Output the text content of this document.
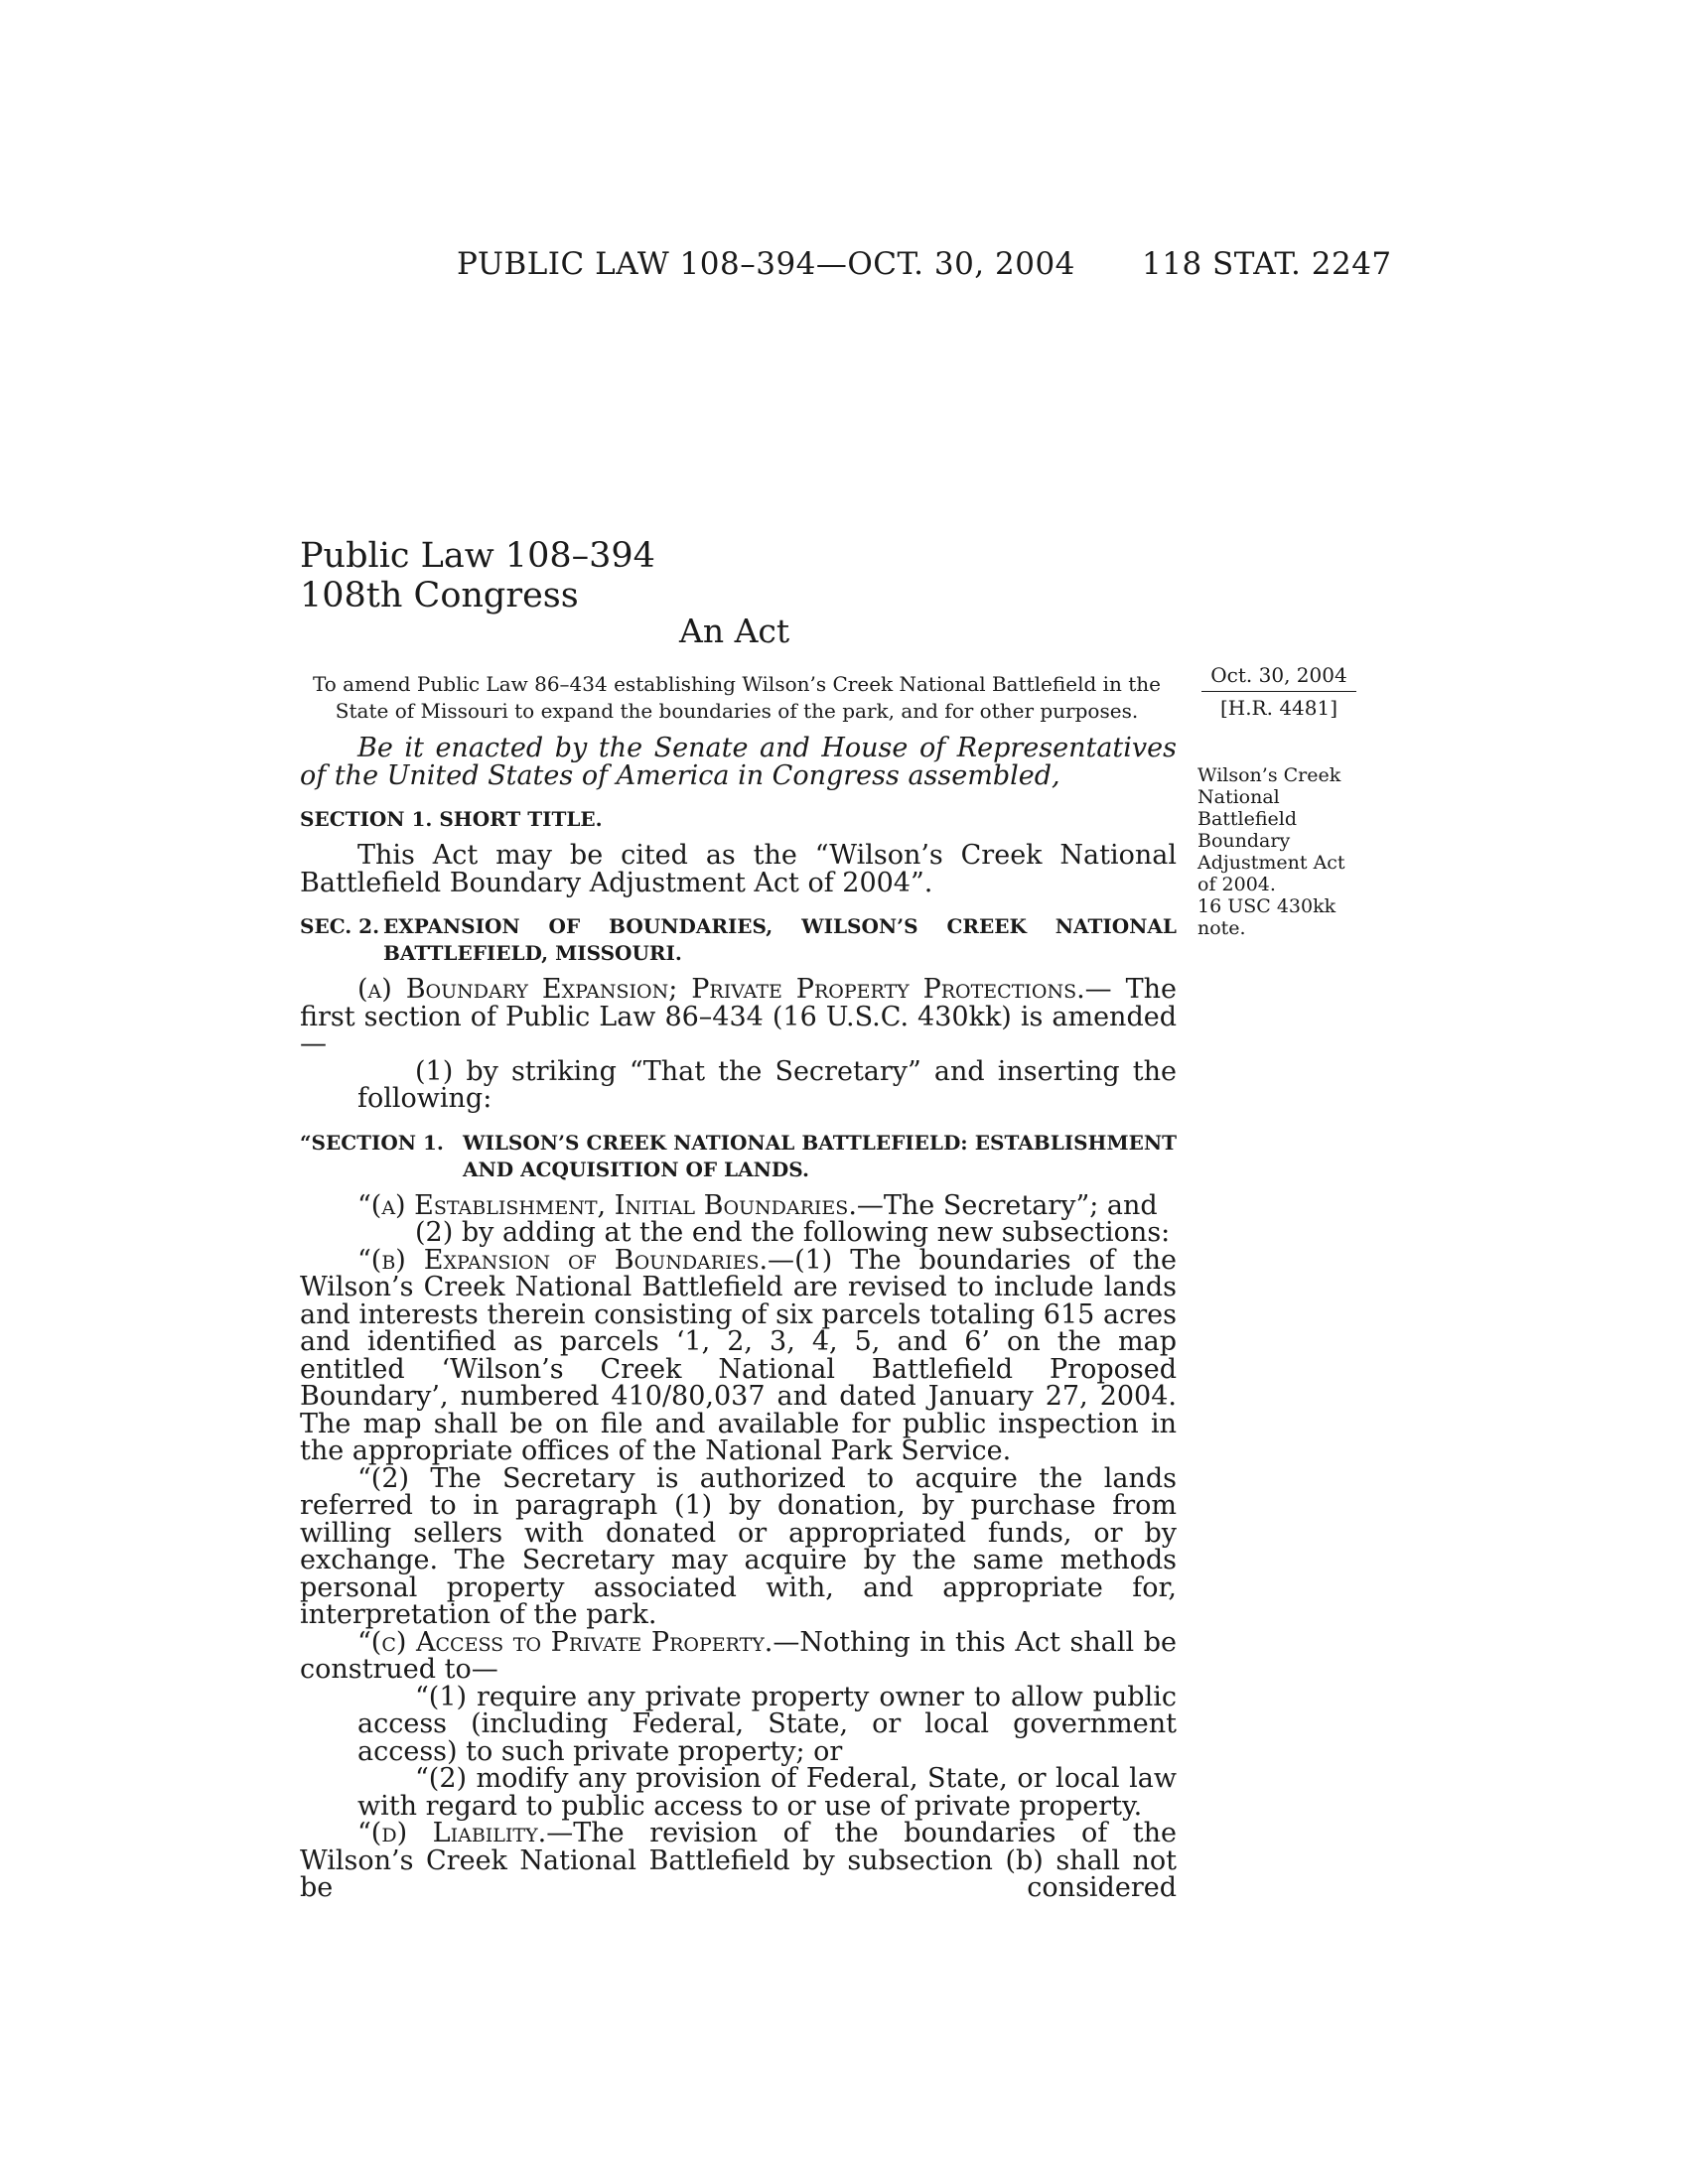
PUBLIC LAW 108–394—OCT. 30, 2004 118 STAT. 2247
Public Law 108–394
108th Congress
An Act
To amend Public Law 86–434 establishing Wilson’s Creek National Battlefield in the State of Missouri to expand the boundaries of the park, and for other purposes.
Oct. 30, 2004
[H.R. 4481]
Wilson’s Creek National Battlefield Boundary Adjustment Act of 2004.
16 USC 430kk note.

Be it enacted by the Senate and House of Representatives of the United States of America in Congress assembled,

SECTION 1. SHORT TITLE.

This Act may be cited as the “Wilson’s Creek National Battlefield Boundary Adjustment Act of 2004”.

SEC. 2. EXPANSION OF BOUNDARIES, WILSON’S CREEK NATIONAL BATTLEFIELD, MISSOURI.

(a) Boundary Expansion; Private Property Protections.— The first section of Public Law 86–434 (16 U.S.C. 430kk) is amended—

(1) by striking “That the Secretary” and inserting the following:

“SECTION 1. WILSON’S CREEK NATIONAL BATTLEFIELD: ESTABLISHMENT AND ACQUISITION OF LANDS.

“(a) Establishment, Initial Boundaries.—The Secretary”; and

(2) by adding at the end the following new subsections:

“(b) Expansion of Boundaries.—(1) The boundaries of the Wilson’s Creek National Battlefield are revised to include lands and interests therein consisting of six parcels totaling 615 acres and identified as parcels ‘1, 2, 3, 4, 5, and 6’ on the map entitled ‘Wilson’s Creek National Battlefield Proposed Boundary’, numbered 410/80,037 and dated January 27, 2004. The map shall be on file and available for public inspection in the appropriate offices of the National Park Service.

“(2) The Secretary is authorized to acquire the lands referred to in paragraph (1) by donation, by purchase from willing sellers with donated or appropriated funds, or by exchange. The Secretary may acquire by the same methods personal property associated with, and appropriate for, interpretation of the park.

“(c) Access to Private Property.—Nothing in this Act shall be construed to—

“(1) require any private property owner to allow public access (including Federal, State, or local government access) to such private property; or

“(2) modify any provision of Federal, State, or local law with regard to public access to or use of private property.

“(d) Liability.—The revision of the boundaries of the Wilson’s Creek National Battlefield by subsection (b) shall not be considered
